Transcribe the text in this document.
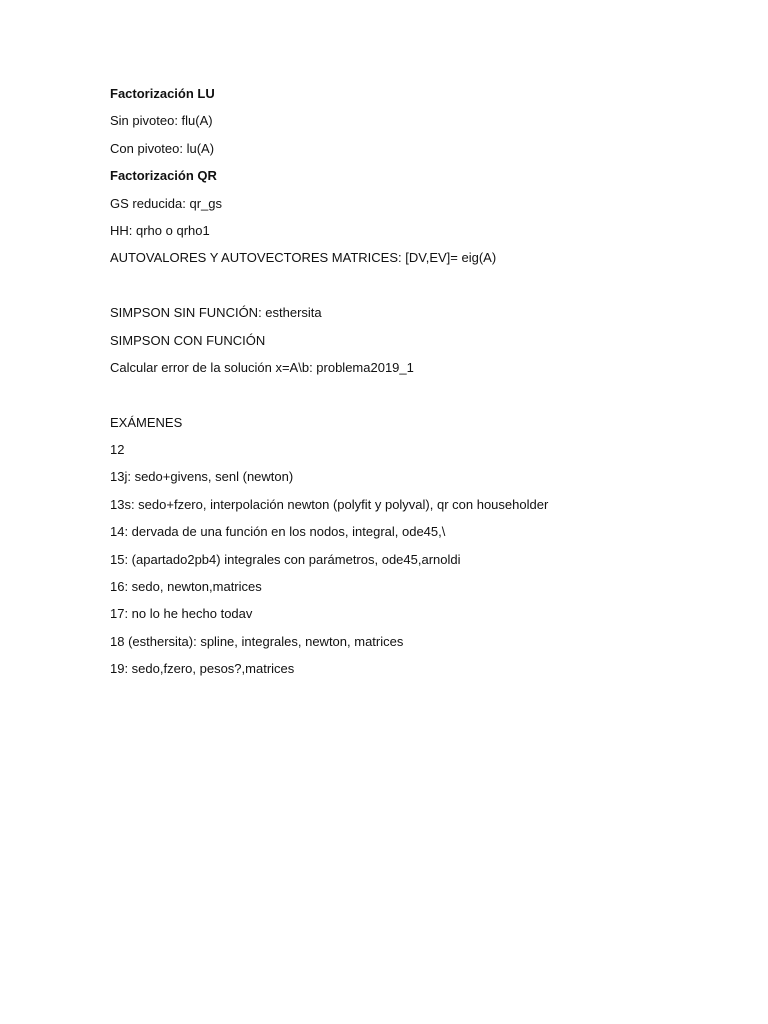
Factorización LU
Sin pivoteo: flu(A)
Con pivoteo: lu(A)
Factorización QR
GS reducida: qr_gs
HH: qrho o qrho1
AUTOVALORES Y AUTOVECTORES MATRICES: [DV,EV]= eig(A)
SIMPSON SIN FUNCIÓN: esthersita
SIMPSON CON FUNCIÓN
Calcular error de la solución x=A\b: problema2019_1
EXÁMENES
12
13j: sedo+givens, senl (newton)
13s: sedo+fzero, interpolación newton (polyfit y polyval), qr con householder
14: dervada de una función en los nodos, integral, ode45,\
15: (apartado2pb4) integrales con parámetros, ode45,arnoldi
16: sedo, newton,matrices
17: no lo he hecho todav
18 (esthersita): spline, integrales, newton, matrices
19: sedo,fzero, pesos?,matrices
